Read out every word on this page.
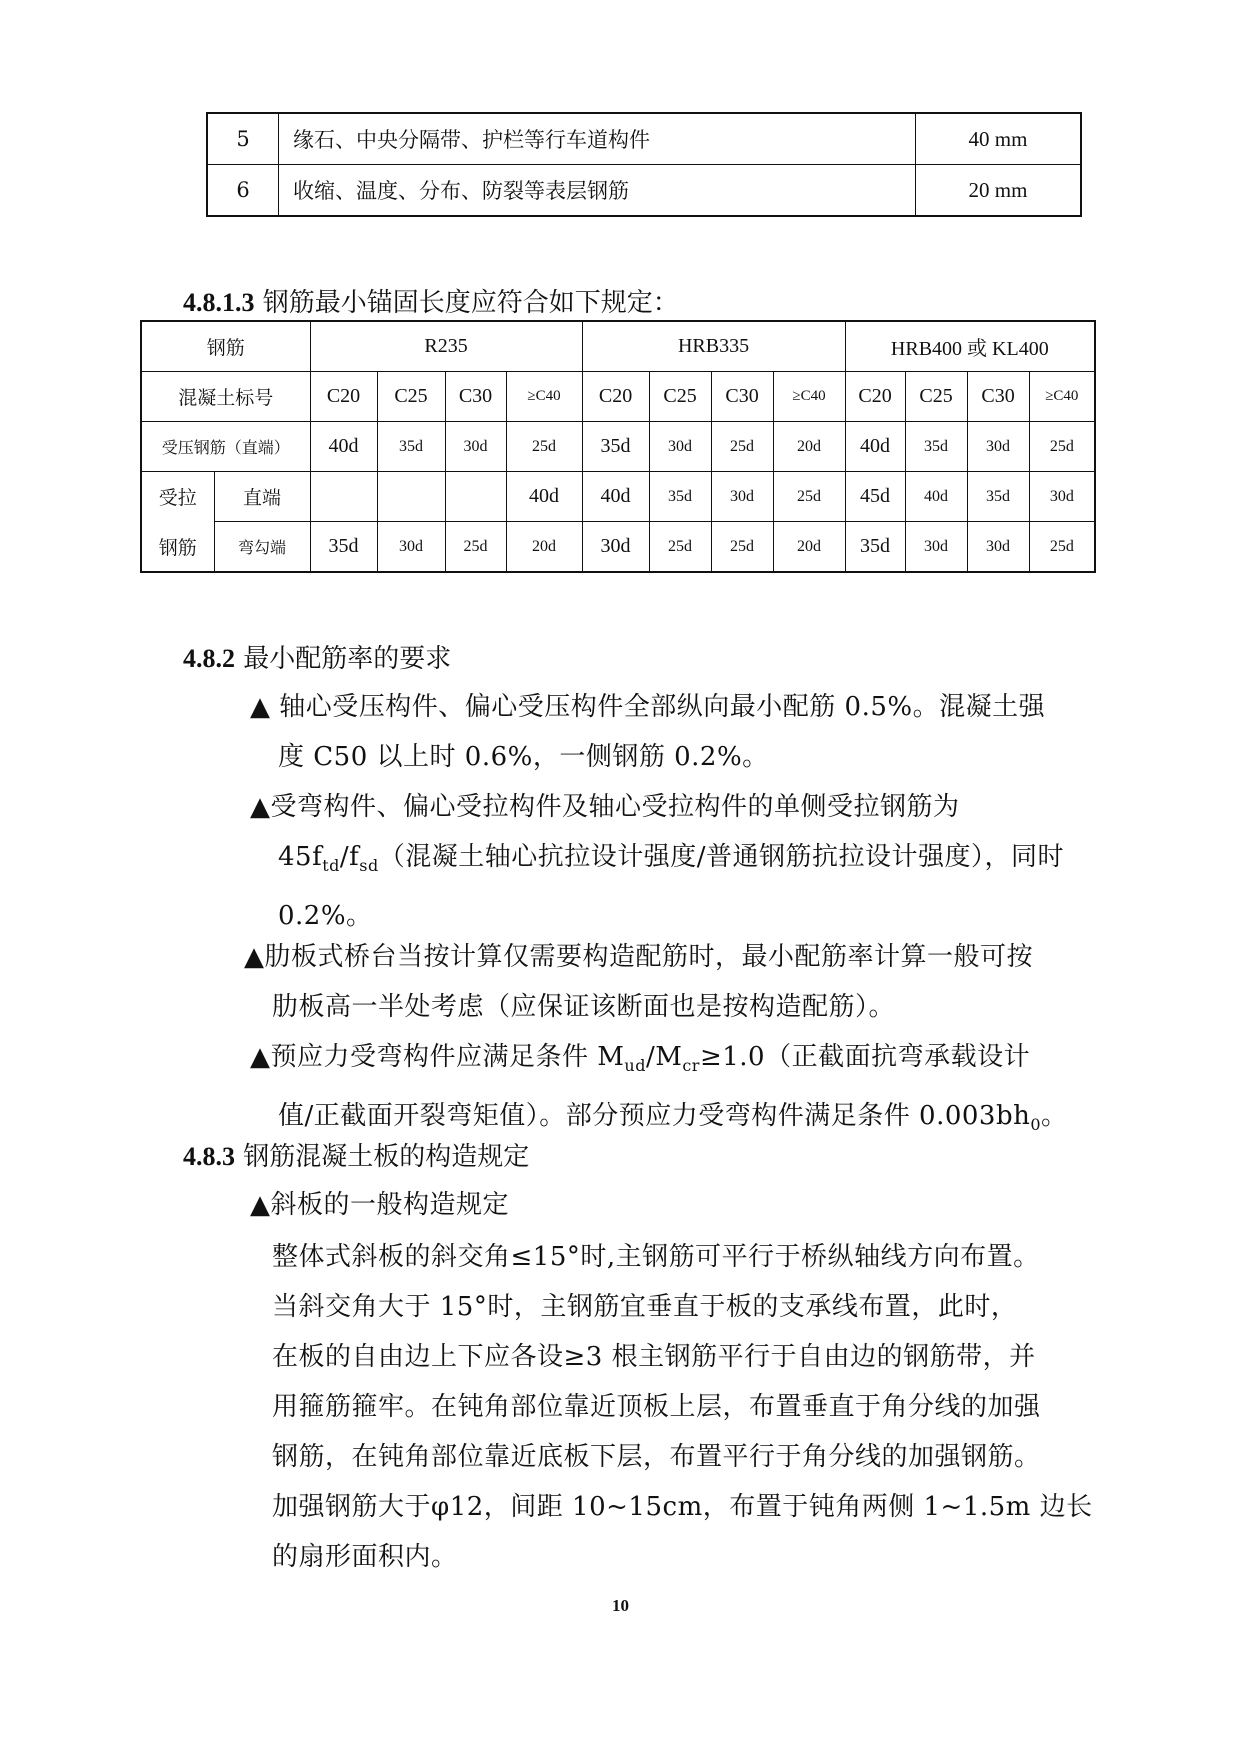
5	缘石、中央分隔带、护栏等行车道构件	40 mm
6	收缩、温度、分布、防裂等表层钢筋	20 mm
4.8.1.3 钢筋最小锚固长度应符合如下规定：
钢筋		R235				HRB335				HRB400 或 KL400			
混凝土标号		C20	C25	C30	≥C40	C20	C25	C30	≥C40	C20	C25	C30	≥C40
受压钢筋（直端）		40d	35d	30d	25d	35d	30d	25d	20d	40d	35d	30d	25d
受拉	直端				40d	40d	35d	30d	25d	45d	40d	35d	30d
钢筋	弯勾端	35d	30d	25d	20d	30d	25d	25d	20d	35d	30d	30d	25d
4.8.2 最小配筋率的要求
▲ 轴心受压构件、偏心受压构件全部纵向最小配筋 0.5%。混凝土强
度 C50 以上时 0.6%，一侧钢筋 0.2%。
▲受弯构件、偏心受拉构件及轴心受拉构件的单侧受拉钢筋为
$45f_{td}/f_{sd}$（混凝土轴心抗拉设计强度/普通钢筋抗拉设计强度），同时
0.2%。
▲肋板式桥台当按计算仅需要构造配筋时，最小配筋率计算一般可按
肋板高一半处考虑（应保证该断面也是按构造配筋）。
▲预应力受弯构件应满足条件 $M_{ud}/M_{cr}\ge 1.0$（正截面抗弯承载设计
值/正截面开裂弯矩值）。部分预应力受弯构件满足条件 $0.003bh_0$。
4.8.3 钢筋混凝土板的构造规定
▲斜板的一般构造规定
整体式斜板的斜交角≤15°时,主钢筋可平行于桥纵轴线方向布置。
当斜交角大于 15°时，主钢筋宜垂直于板的支承线布置，此时，
在板的自由边上下应各设≥3 根主钢筋平行于自由边的钢筋带，并
用箍筋箍牢。在钝角部位靠近顶板上层，布置垂直于角分线的加强
钢筋，在钝角部位靠近底板下层，布置平行于角分线的加强钢筋。
加强钢筋大于φ12，间距 10~15cm，布置于钝角两侧 1~1.5m 边长
的扇形面积内。
10
